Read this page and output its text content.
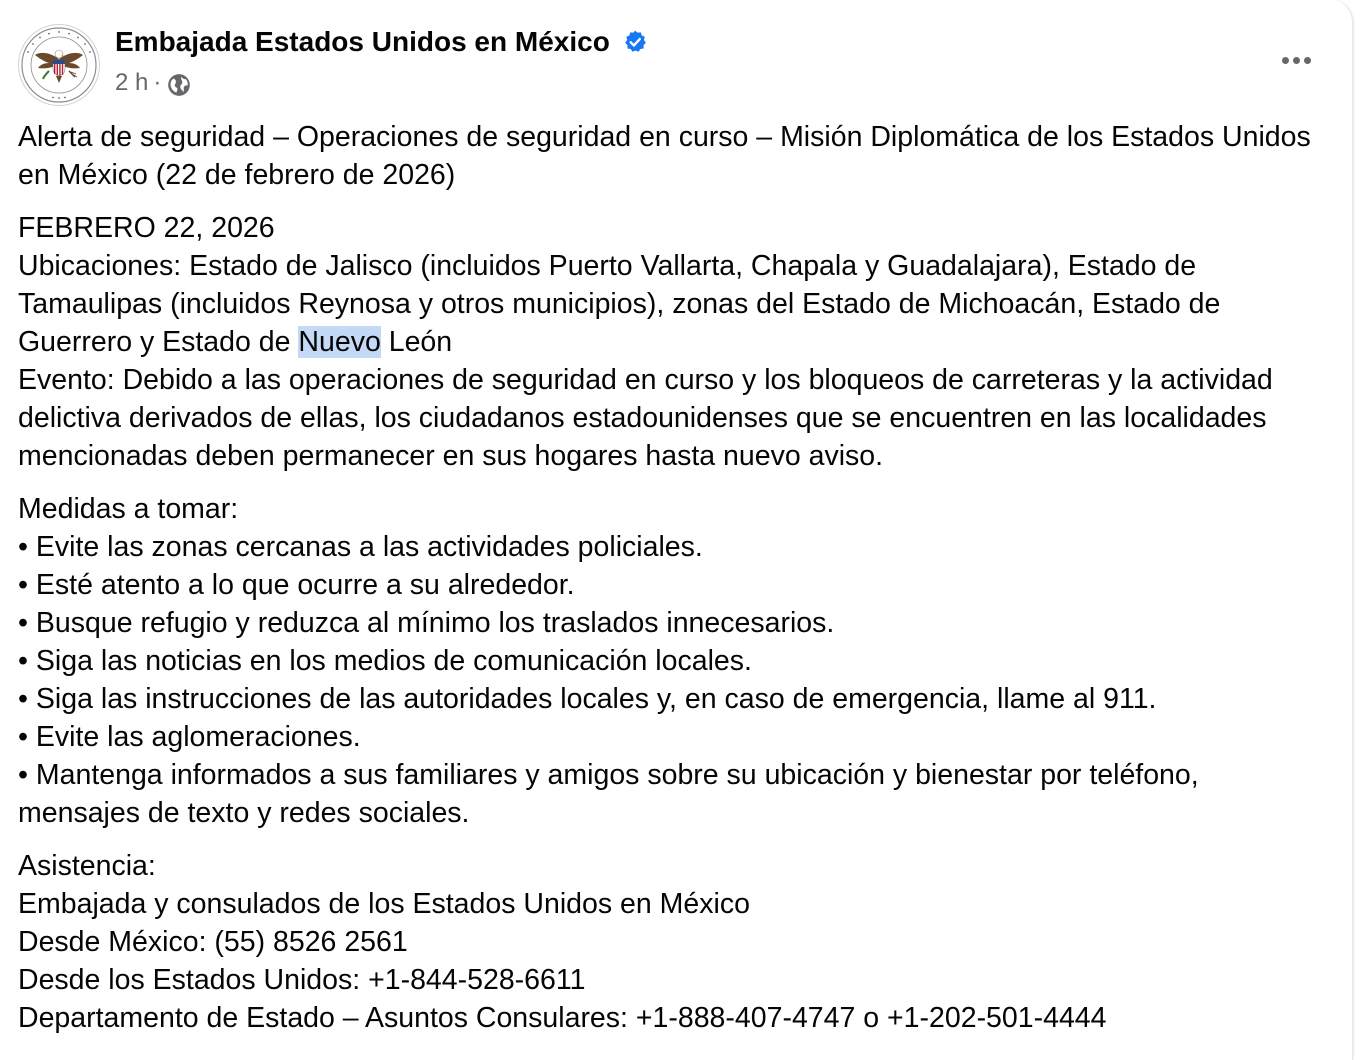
Embajada Estados Unidos en México
2 h ·

Alerta de seguridad – Operaciones de seguridad en curso – Misión Diplomática de los Estados Unidos en México (22 de febrero de 2026)

FEBRERO 22, 2026
Ubicaciones: Estado de Jalisco (incluidos Puerto Vallarta, Chapala y Guadalajara), Estado de Tamaulipas (incluidos Reynosa y otros municipios), zonas del Estado de Michoacán, Estado de Guerrero y Estado de Nuevo León
Evento: Debido a las operaciones de seguridad en curso y los bloqueos de carreteras y la actividad delictiva derivados de ellas, los ciudadanos estadounidenses que se encuentren en las localidades mencionadas deben permanecer en sus hogares hasta nuevo aviso.

Medidas a tomar:
• Evite las zonas cercanas a las actividades policiales.
• Esté atento a lo que ocurre a su alrededor.
• Busque refugio y reduzca al mínimo los traslados innecesarios.
• Siga las noticias en los medios de comunicación locales.
• Siga las instrucciones de las autoridades locales y, en caso de emergencia, llame al 911.
• Evite las aglomeraciones.
• Mantenga informados a sus familiares y amigos sobre su ubicación y bienestar por teléfono, mensajes de texto y redes sociales.

Asistencia:
Embajada y consulados de los Estados Unidos en México
Desde México: (55) 8526 2561
Desde los Estados Unidos: +1-844-528-6611
Departamento de Estado – Asuntos Consulares: +1-888-407-4747 o +1-202-501-4444
